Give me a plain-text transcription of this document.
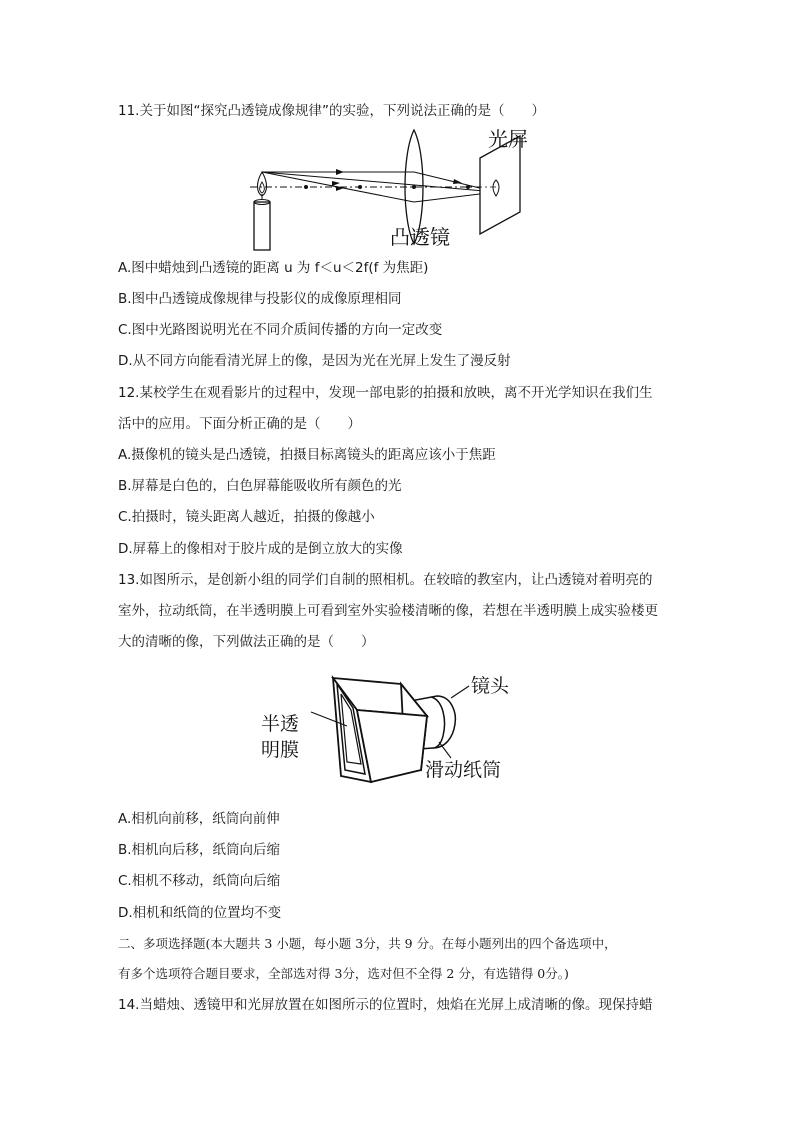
11.关于如图“探究凸透镜成像规律”的实验，下列说法正确的是（　　）
光屏
凸透镜
A.图中蜡烛到凸透镜的距离 u 为 f＜u＜2f(f 为焦距)
B.图中凸透镜成像规律与投影仪的成像原理相同
C.图中光路图说明光在不同介质间传播的方向一定改变
D.从不同方向能看清光屏上的像，是因为光在光屏上发生了漫反射
12.某校学生在观看影片的过程中，发现一部电影的拍摄和放映，离不开光学知识在我们生
活中的应用。下面分析正确的是（　　）
A.摄像机的镜头是凸透镜，拍摄目标离镜头的距离应该小于焦距
B.屏幕是白色的，白色屏幕能吸收所有颜色的光
C.拍摄时，镜头距离人越近，拍摄的像越小
D.屏幕上的像相对于胶片成的是倒立放大的实像
13.如图所示，是创新小组的同学们自制的照相机。在较暗的教室内，让凸透镜对着明亮的
室外，拉动纸筒，在半透明膜上可看到室外实验楼清晰的像，若想在半透明膜上成实验楼更
大的清晰的像，下列做法正确的是（　　）
镜头
半透
明膜
滑动纸筒
A.相机向前移，纸筒向前伸
B.相机向后移，纸筒向后缩
C.相机不移动，纸筒向后缩
D.相机和纸筒的位置均不变
二、多项选择题(本大题共 3 小题，每小题 3分，共 9 分。在每小题列出的四个备选项中，
有多个选项符合题目要求，全部选对得 3分，选对但不全得 2 分，有选错得 0分。)
14.当蜡烛、透镜甲和光屏放置在如图所示的位置时，烛焰在光屏上成清晰的像。现保持蜡
